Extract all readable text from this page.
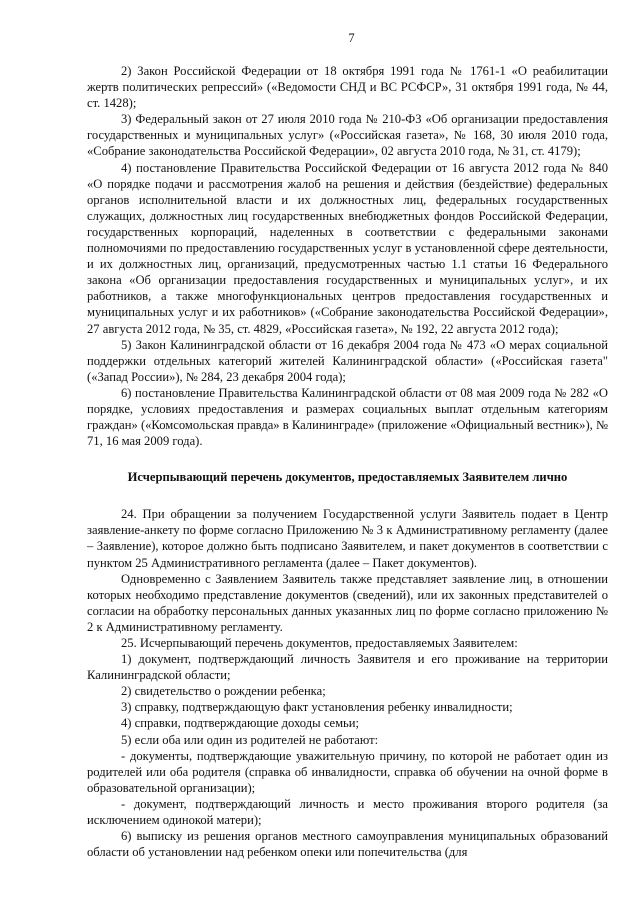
7

2) Закон Российской Федерации от 18 октября 1991 года № 1761-1 «О реабилитации жертв политических репрессий» («Ведомости СНД и ВС РСФСР», 31 октября 1991 года, № 44, ст. 1428);

3) Федеральный закон от 27 июля 2010 года № 210-ФЗ «Об организации предоставления государственных и муниципальных услуг» («Российская газета», № 168, 30 июля 2010 года, «Собрание законодательства Российской Федерации», 02 августа 2010 года, № 31, ст. 4179);

4) постановление Правительства Российской Федерации от 16 августа 2012 года № 840 «О порядке подачи и рассмотрения жалоб на решения и действия (бездействие) федеральных органов исполнительной власти и их должностных лиц, федеральных государственных служащих, должностных лиц государственных внебюджетных фондов Российской Федерации, государственных корпораций, наделенных в соответствии с федеральными законами полномочиями по предоставлению государственных услуг в установленной сфере деятельности, и их должностных лиц, организаций, предусмотренных частью 1.1 статьи 16 Федерального закона «Об организации предоставления государственных и муниципальных услуг», и их работников, а также многофункциональных центров предоставления государственных и муниципальных услуг и их работников» («Собрание законодательства Российской Федерации», 27 августа 2012 года, № 35, ст. 4829, «Российская газета», № 192, 22 августа 2012 года);

5) Закон Калининградской области от 16 декабря 2004 года № 473 «О мерах социальной поддержки отдельных категорий жителей Калининградской области» («Российская газета" («Запад России»), № 284, 23 декабря 2004 года);

6) постановление Правительства Калининградской области от 08 мая 2009 года № 282 «О порядке, условиях предоставления и размерах социальных выплат отдельным категориям граждан» («Комсомольская правда» в Калининграде» (приложение «Официальный вестник»), № 71, 16 мая 2009 года).

Исчерпывающий перечень документов, предоставляемых Заявителем лично

24. При обращении за получением Государственной услуги Заявитель подает в Центр заявление-анкету по форме согласно Приложению № 3 к Административному регламенту (далее – Заявление), которое должно быть подписано Заявителем, и пакет документов в соответствии с пунктом 25 Административного регламента (далее – Пакет документов).

Одновременно с Заявлением Заявитель также представляет заявление лиц, в отношении которых необходимо представление документов (сведений), или их законных представителей о согласии на обработку персональных данных указанных лиц по форме согласно приложению № 2 к Административному регламенту.

25. Исчерпывающий перечень документов, предоставляемых Заявителем:

1) документ, подтверждающий личность Заявителя и его проживание на территории Калининградской области;

2) свидетельство о рождении ребенка;

3) справку, подтверждающую факт установления ребенку инвалидности;

4) справки, подтверждающие доходы семьи;

5) если оба или один из родителей не работают:

- документы, подтверждающие уважительную причину, по которой не работает один из родителей или оба родителя (справка об инвалидности, справка об обучении на очной форме в образовательной организации);

- документ, подтверждающий личность и место проживания второго родителя (за исключением одинокой матери);

6) выписку из решения органов местного самоуправления муниципальных образований области об установлении над ребенком опеки или попечительства (для
